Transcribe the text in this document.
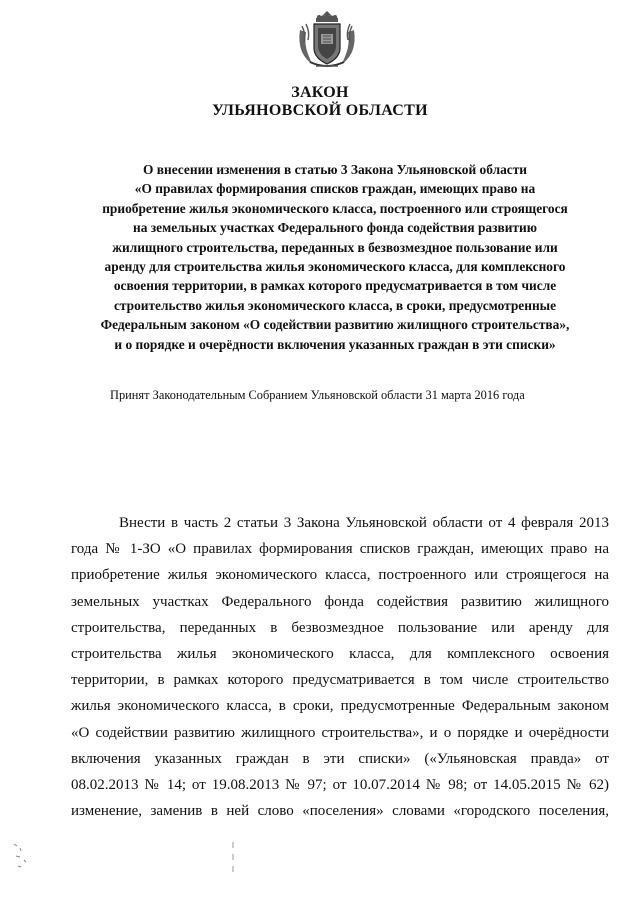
ЗАКОН
УЛЬЯНОВСКОЙ ОБЛАСТИ
О внесении изменения в статью 3 Закона Ульяновской области
«О правилах формирования списков граждан, имеющих право на
приобретение жилья экономического класса, построенного или строящегося
на земельных участках Федерального фонда содействия развитию
жилищного строительства, переданных в безвозмездное пользование или
аренду для строительства жилья экономического класса, для комплексного
освоения территории, в рамках которого предусматривается в том числе
строительство жилья экономического класса, в сроки, предусмотренные
Федеральным законом «О содействии развитию жилищного строительства»,
и о порядке и очерёдности включения указанных граждан в эти списки»
Принят Законодательным Собранием Ульяновской области 31 марта 2016 года
Внести в часть 2 статьи 3 Закона Ульяновской области от 4 февраля 2013
года № 1-ЗО «О правилах формирования списков граждан, имеющих право на
приобретение жилья экономического класса, построенного или строящегося на
земельных участках Федерального фонда содействия развитию жилищного
строительства, переданных в безвозмездное пользование или аренду для
строительства жилья экономического класса, для комплексного освоения
территории, в рамках которого предусматривается в том числе строительство
жилья экономического класса, в сроки, предусмотренные Федеральным законом
«О содействии развитию жилищного строительства», и о порядке и очерёдности
включения указанных граждан в эти списки» («Ульяновская правда» от
08.02.2013 № 14; от 19.08.2013 № 97; от 10.07.2014 № 98; от 14.05.2015 № 62)
изменение, заменив в ней слово «поселения» словами «городского поселения,
